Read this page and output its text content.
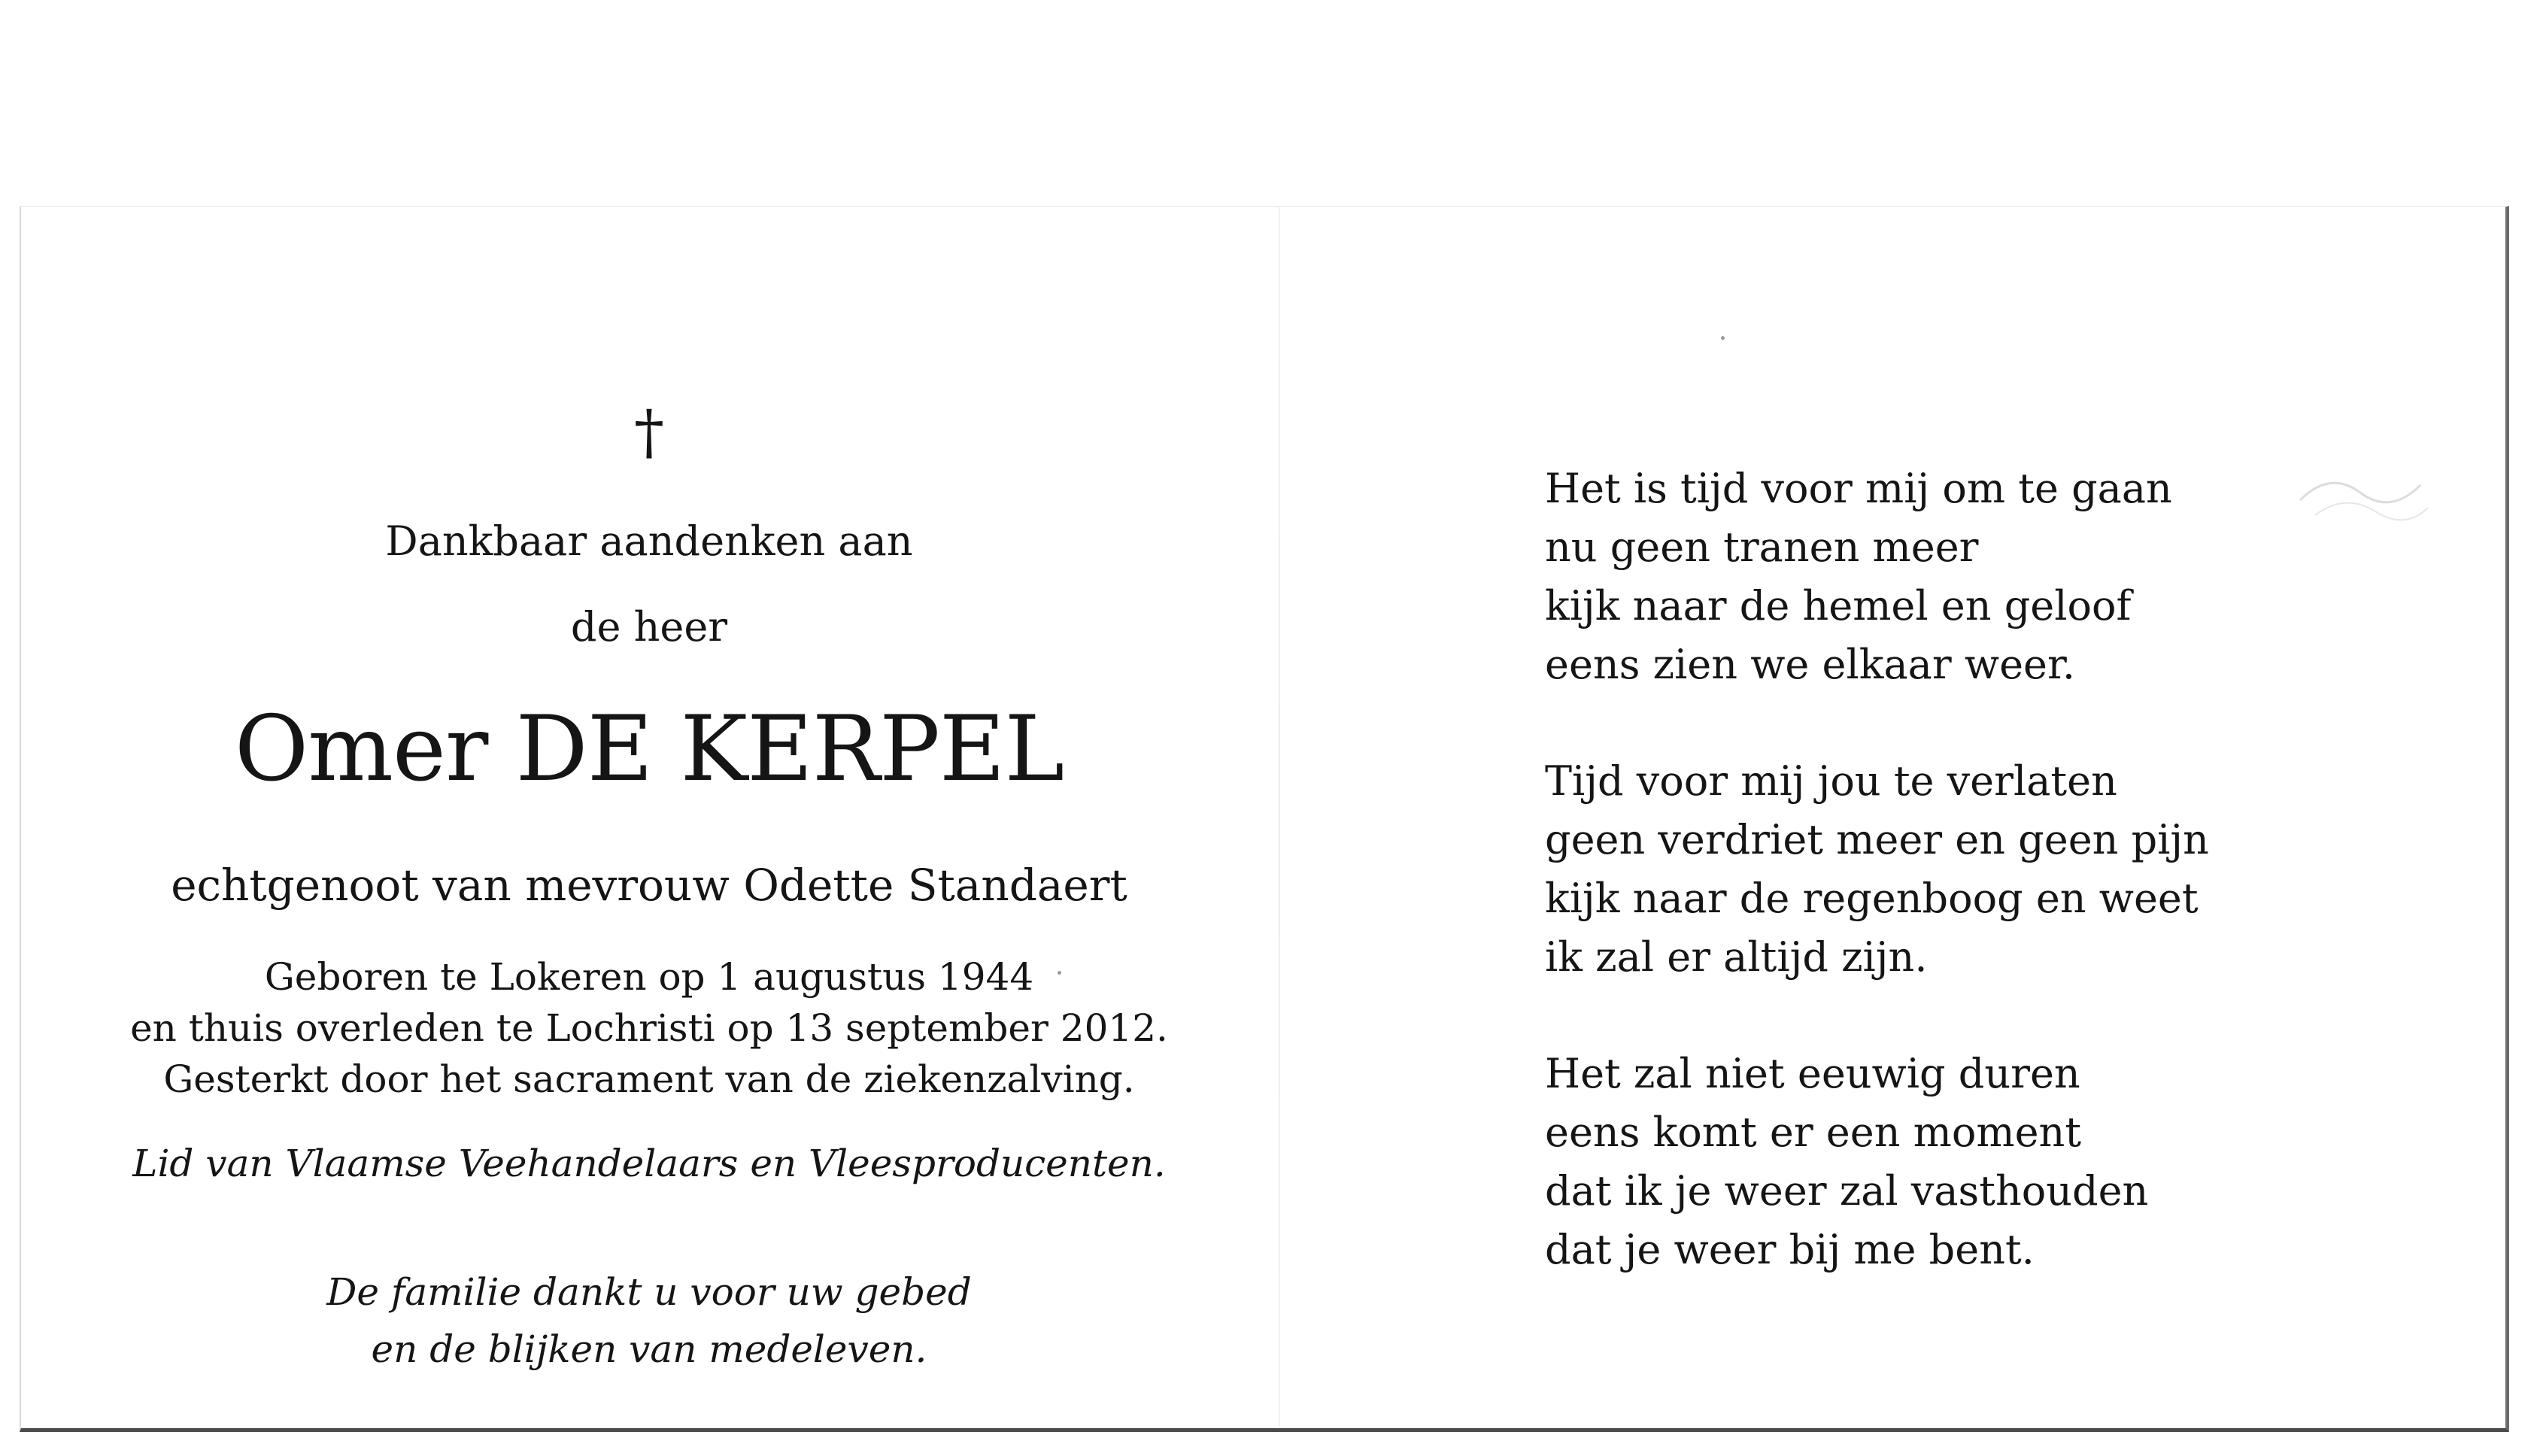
†
Dankbaar aandenken aan
de heer
Omer DE KERPEL
echtgenoot van mevrouw Odette Standaert
Geboren te Lokeren op 1 augustus 1944
en thuis overleden te Lochristi op 13 september 2012.
Gesterkt door het sacrament van de ziekenzalving.
Lid van Vlaamse Veehandelaars en Vleesproducenten.
De familie dankt u voor uw gebed
en de blijken van medeleven.
Het is tijd voor mij om te gaan
nu geen tranen meer
kijk naar de hemel en geloof
eens zien we elkaar weer.
Tijd voor mij jou te verlaten
geen verdriet meer en geen pijn
kijk naar de regenboog en weet
ik zal er altijd zijn.
Het zal niet eeuwig duren
eens komt er een moment
dat ik je weer zal vasthouden
dat je weer bij me bent.
